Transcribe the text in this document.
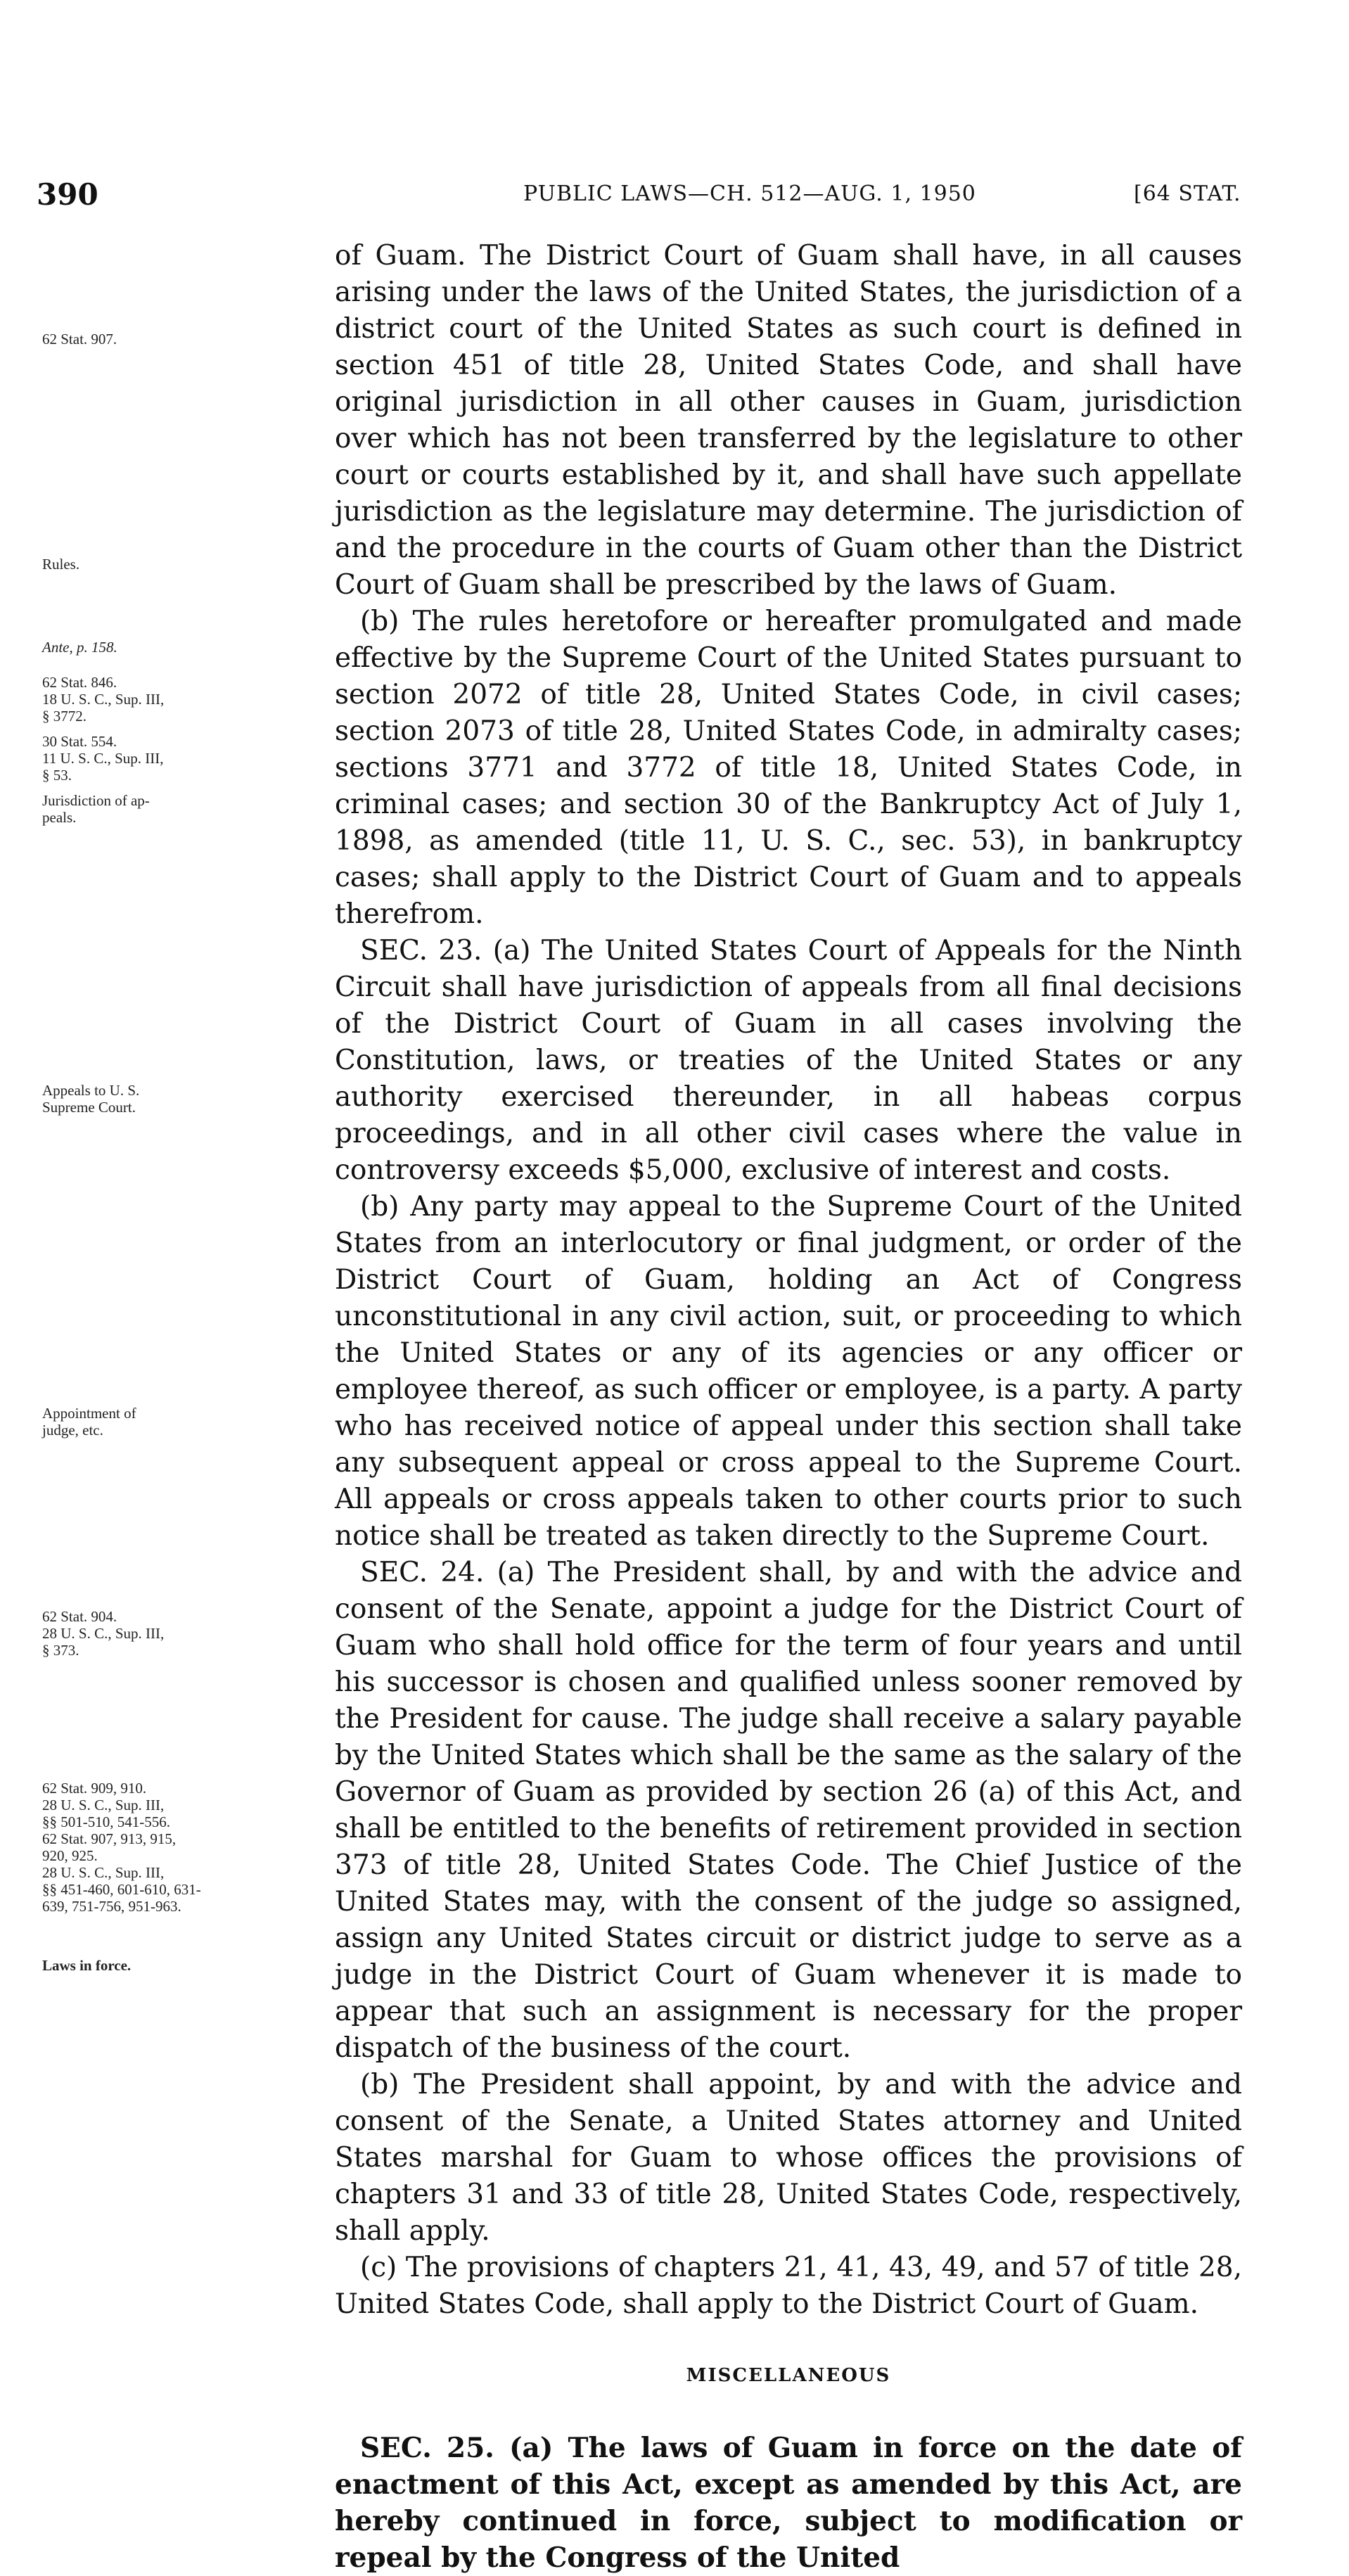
390	PUBLIC LAWS—CH. 512—AUG. 1, 1950	[64 STAT.
62 Stat. 907.
Rules.
Ante, p. 158.
62 Stat. 846.
18 U. S. C., Sup. III,
§ 3772.
30 Stat. 554.
11 U. S. C., Sup. III,
§ 53.
Jurisdiction of ap-
peals.
Appeals to U. S.
Supreme Court.
Appointment of
judge, etc.
62 Stat. 904.
28 U. S. C., Sup. III,
§ 373.
62 Stat. 909, 910.
28 U. S. C., Sup. III,
§§ 501-510, 541-556.
62 Stat. 907, 913, 915,
920, 925.
28 U. S. C., Sup. III,
§§ 451-460, 601-610, 631-
639, 751-756, 951-963.
Laws in force.

of Guam. The District Court of Guam shall have, in all causes arising under the laws of the United States, the jurisdiction of a district court of the United States as such court is defined in section 451 of title 28, United States Code, and shall have original jurisdiction in all other causes in Guam, jurisdiction over which has not been transferred by the legislature to other court or courts established by it, and shall have such appellate jurisdiction as the legislature may determine. The jurisdiction of and the procedure in the courts of Guam other than the District Court of Guam shall be prescribed by the laws of Guam.

(b) The rules heretofore or hereafter promulgated and made effective by the Supreme Court of the United States pursuant to section 2072 of title 28, United States Code, in civil cases; section 2073 of title 28, United States Code, in admiralty cases; sections 3771 and 3772 of title 18, United States Code, in criminal cases; and section 30 of the Bankruptcy Act of July 1, 1898, as amended (title 11, U. S. C., sec. 53), in bankruptcy cases; shall apply to the District Court of Guam and to appeals therefrom.

SEC. 23. (a) The United States Court of Appeals for the Ninth Circuit shall have jurisdiction of appeals from all final decisions of the District Court of Guam in all cases involving the Constitution, laws, or treaties of the United States or any authority exercised thereunder, in all habeas corpus proceedings, and in all other civil cases where the value in controversy exceeds $5,000, exclusive of interest and costs.

(b) Any party may appeal to the Supreme Court of the United States from an interlocutory or final judgment, or order of the District Court of Guam, holding an Act of Congress unconstitutional in any civil action, suit, or proceeding to which the United States or any of its agencies or any officer or employee thereof, as such officer or employee, is a party. A party who has received notice of appeal under this section shall take any subsequent appeal or cross appeal to the Supreme Court. All appeals or cross appeals taken to other courts prior to such notice shall be treated as taken directly to the Supreme Court.

SEC. 24. (a) The President shall, by and with the advice and consent of the Senate, appoint a judge for the District Court of Guam who shall hold office for the term of four years and until his successor is chosen and qualified unless sooner removed by the President for cause. The judge shall receive a salary payable by the United States which shall be the same as the salary of the Governor of Guam as provided by section 26 (a) of this Act, and shall be entitled to the benefits of retirement provided in section 373 of title 28, United States Code. The Chief Justice of the United States may, with the consent of the judge so assigned, assign any United States circuit or district judge to serve as a judge in the District Court of Guam whenever it is made to appear that such an assignment is necessary for the proper dispatch of the business of the court.

(b) The President shall appoint, by and with the advice and consent of the Senate, a United States attorney and United States marshal for Guam to whose offices the provisions of chapters 31 and 33 of title 28, United States Code, respectively, shall apply.

(c) The provisions of chapters 21, 41, 43, 49, and 57 of title 28, United States Code, shall apply to the District Court of Guam.

MISCELLANEOUS

SEC. 25. (a) The laws of Guam in force on the date of enactment of this Act, except as amended by this Act, are hereby continued in force, subject to modification or repeal by the Congress of the United
